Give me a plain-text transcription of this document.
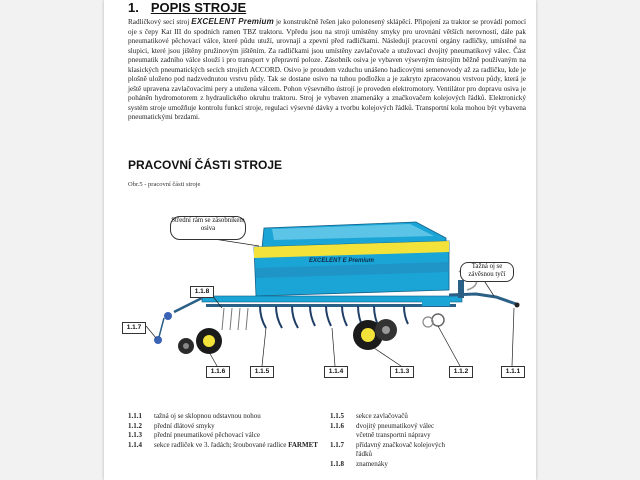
1. POPIS STROJE
Radličkový secí stroj EXCELENT Premium je konstrukčně řešen jako polonesený sklápěcí. Připojení za traktor se provádí pomocí oje s čepy Kat III do spodních ramen TBZ traktoru. Vpředu jsou na stroji umístěny smyky pro urovnání větších nerovností, dále pak pneumatikové pěchovací válce, které půdu utuží, urovnají a zpevní před radličkami. Následují pracovní orgány radličky, umístěné na slupici, které jsou jištěny pružinovým jištěním. Za radličkami jsou umístěny zavlačovače a utužovací dvojitý pneumatikový válec. Část pneumatik zadního válce slouží i pro transport v přepravní poloze. Zásobník osiva je vybaven výsevným ústrojím běžně používaným na klasických pneumatických secích strojích ACCORD. Osivo je proudem vzduchu unášeno hadicovými semenovody až za radličku, kde je plošně uloženo pod nadzvednutou vrstvu půdy. Tak se dostane osivo na tuhou podložku a je zakryto zpracovanou vrstvou půdy, která je ještě upravena zavlačovacími pery a utužena válcem. Pohon výsevného ústrojí je proveden elektromotory. Ventilátor pro dopravu osiva je poháněn hydromotorem z hydraulického okruhu traktoru. Stroj je vybaven znamenáky a značkovačem kolejových řádků. Elektronický systém stroje umožňuje kontrolu funkcí stroje, regulaci výsevné dávky a tvorbu kolejových řádků. Transportní kola mohou být vybavena pneumatickými brzdami.
PRACOVNÍ ČÁSTI STROJE
Obr.5 - pracovní části stroje
EXCELENT E Premium
Střední rám se zásobníkem osiva
Tažná oj se závěsnou tyčí
1.1.8
1.1.7
1.1.6	1.1.5	1.1.4	1.1.3	1.1.2	1.1.1
1.1.1	tažná oj se sklopnou odstavnou nohou
1.1.2	přední dlátové smyky
1.1.3	přední pneumatikové pěchovací válce
1.1.4	sekce radliček ve 3. řadách; šroubované radlice FARMET
1.1.5	sekce zavlačovačů
1.1.6	dvojitý pneumatikový válec včetně transportní nápravy
1.1.7	přídavný značkovač kolejových řádků
1.1.8	znamenáky
